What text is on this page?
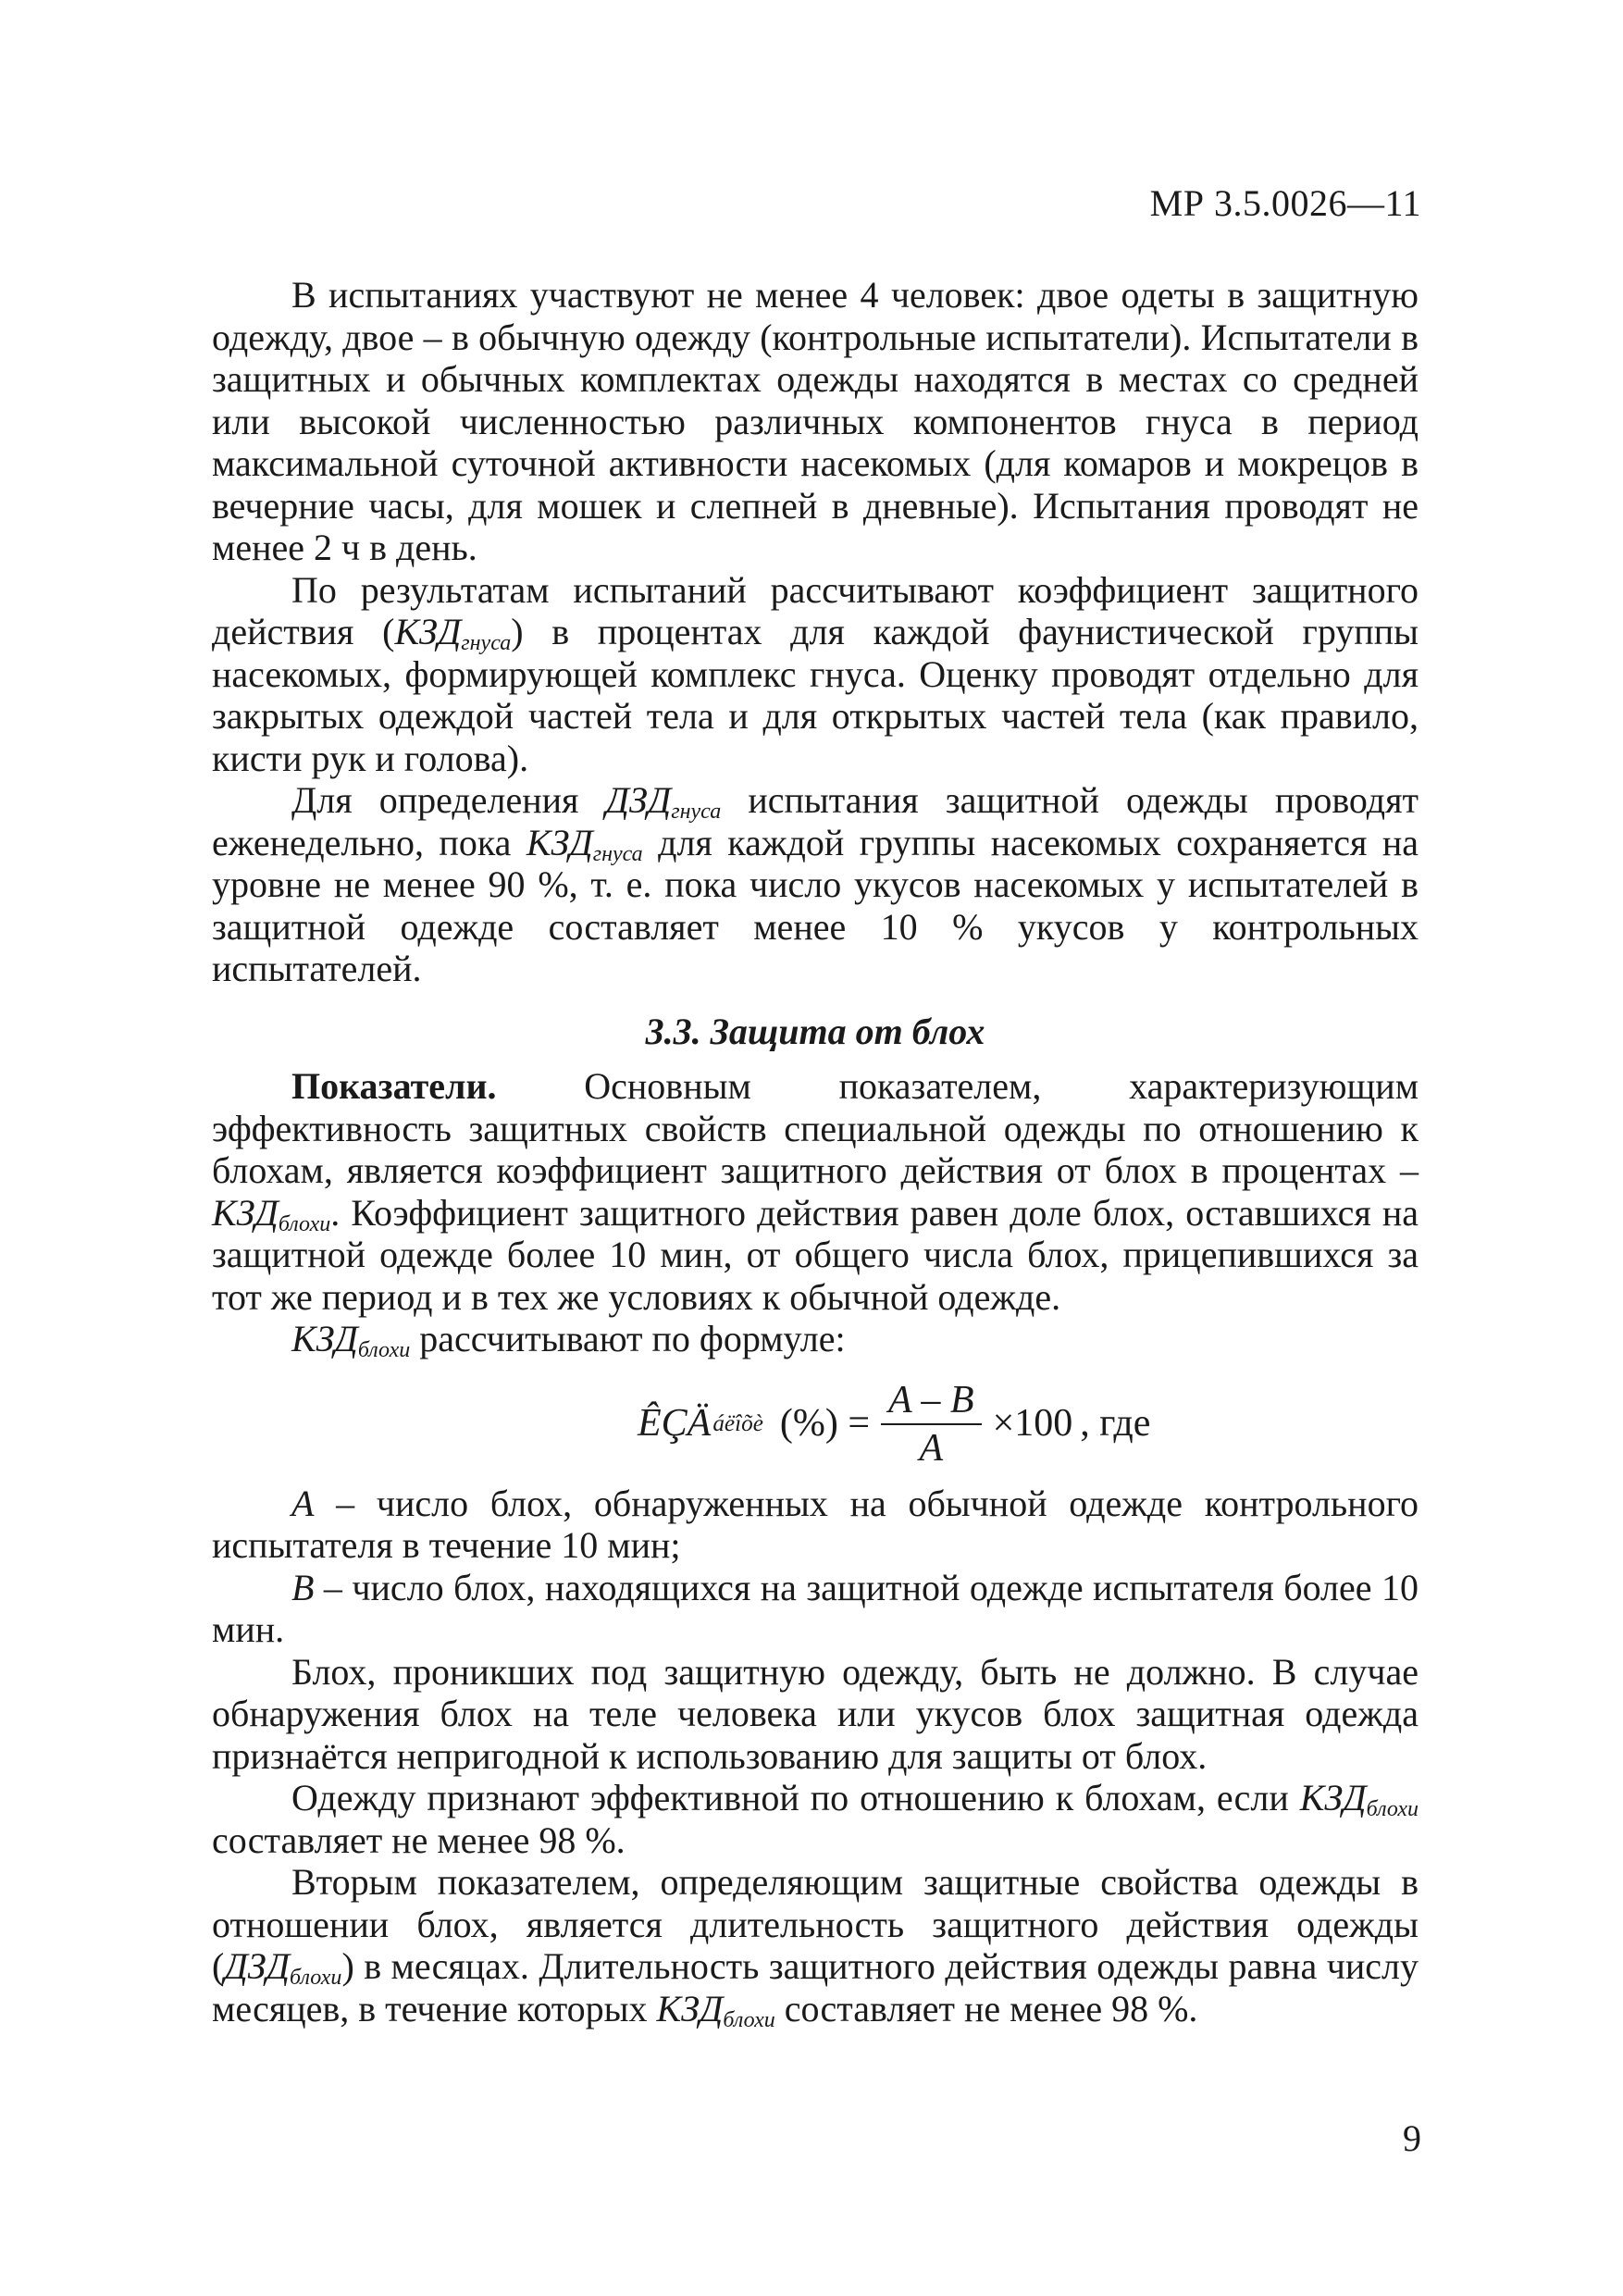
МР 3.5.0026—11

В испытаниях участвуют не менее 4 человек: двое одеты в защитную одежду, двое – в обычную одежду (контрольные испытатели). Испытатели в защитных и обычных комплектах одежды находятся в местах со средней или высокой численностью различных компонентов гнуса в период максимальной суточной активности насекомых (для комаров и мокрецов в вечерние часы, для мошек и слепней в дневные). Испытания проводят не менее 2 ч в день.

По результатам испытаний рассчитывают коэффициент защитного действия $(КЗД_{гнуса})$ в процентах для каждой фаунистической группы насекомых, формирующей комплекс гнуса. Оценку проводят отдельно для закрытых одеждой частей тела и для открытых частей тела (как правило, кисти рук и голова).

Для определения $ДЗД_{гнуса}$ испытания защитной одежды проводят еженедельно, пока $КЗД_{гнуса}$ для каждой группы насекомых сохраняется на уровне не менее 90 %, т. е. пока число укусов насекомых у испытателей в защитной одежде составляет менее 10 % укусов у контрольных испытателей.

3.3. Защита от блох

Показатели. Основным показателем, характеризующим эффективность защитных свойств специальной одежды по отношению к блохам, является коэффициент защитного действия от блох в процентах – $КЗД_{блохи}$. Коэффициент защитного действия равен доле блох, оставшихся на защитной одежде более 10 мин, от общего числа блох, прицепившихся за тот же период и в тех же условиях к обычной одежде.

$КЗД_{блохи}$ рассчитывают по формуле:

ÊÇÄ áëîõè (%) = $\frac{A - B}{A} \times 100$ , где

А – число блох, обнаруженных на обычной одежде контрольного испытателя в течение 10 мин;

В – число блох, находящихся на защитной одежде испытателя более 10 мин.

Блох, проникших под защитную одежду, быть не должно. В случае обнаружения блох на теле человека или укусов блох защитная одежда признаётся непригодной к использованию для защиты от блох.

Одежду признают эффективной по отношению к блохам, если $КЗД_{блохи}$ составляет не менее 98 %.

Вторым показателем, определяющим защитные свойства одежды в отношении блох, является длительность защитного действия одежды $(ДЗД_{блохи})$ в месяцах. Длительность защитного действия одежды равна числу месяцев, в течение которых $КЗД_{блохи}$ составляет не менее 98 %.

9
